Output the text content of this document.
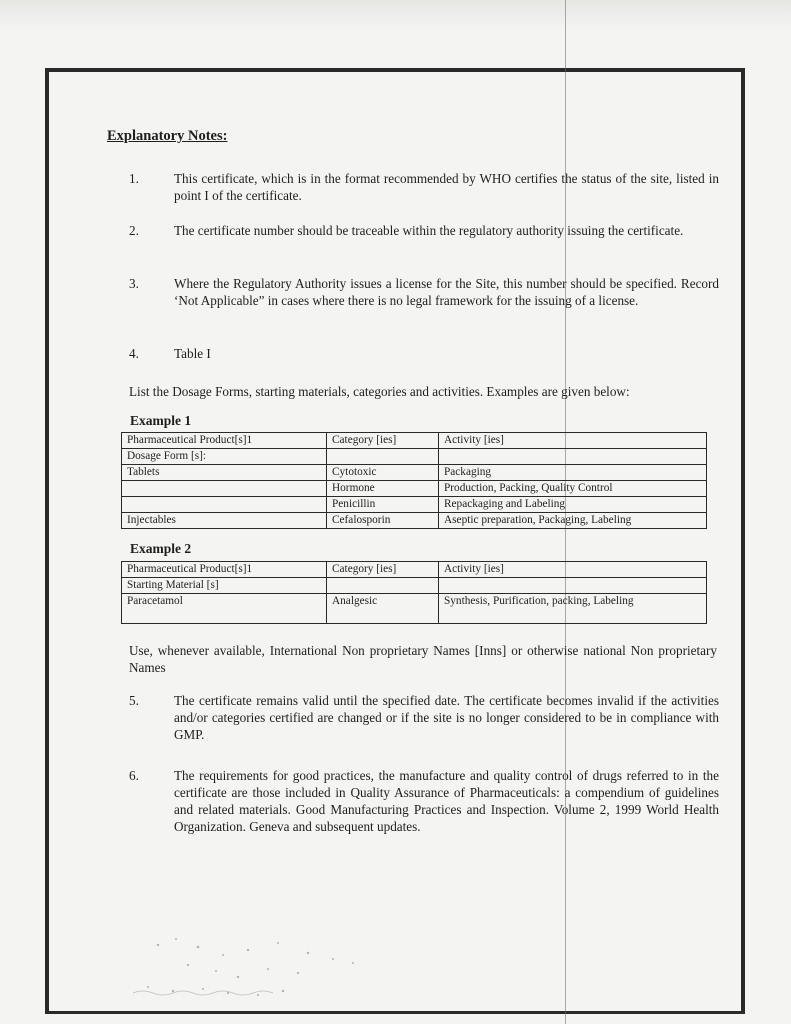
Explanatory Notes:
1.	This certificate, which is in the format recommended by WHO certifies the status of the site, listed in point I of the certificate.
2.	The certificate number should be traceable within the regulatory authority issuing the certificate.
3.	Where the Regulatory Authority issues a license for the Site, this number should be specified. Record ‘Not Applicable” in cases where there is no legal framework for the issuing of a license.
4.	Table I
List the Dosage Forms, starting materials, categories and activities. Examples are given below:
Example 1
Pharmaceutical Product[s]1	Category [ies]	Activity [ies]
Dosage Form [s]:		
Tablets	Cytotoxic	Packaging
	Hormone	Production, Packing, Quality Control
	Penicillin	Repackaging and Labeling
Injectables	Cefalosporin	Aseptic preparation, Packaging, Labeling
Example 2
Pharmaceutical Product[s]1	Category [ies]	Activity [ies]
Starting Material [s]		
Paracetamol	Analgesic	Synthesis, Purification, packing, Labeling
Use, whenever available, International Non proprietary Names [Inns] or otherwise national Non proprietary Names
5.	The certificate remains valid until the specified date. The certificate becomes invalid if the activities and/or categories certified are changed or if the site is no longer considered to be in compliance with GMP.
6.	The requirements for good practices, the manufacture and quality control of drugs referred to in the certificate are those included in Quality Assurance of Pharmaceuticals: a compendium of guidelines and related materials. Good Manufacturing Practices and Inspection. Volume 2, 1999 World Health Organization. Geneva and subsequent updates.
